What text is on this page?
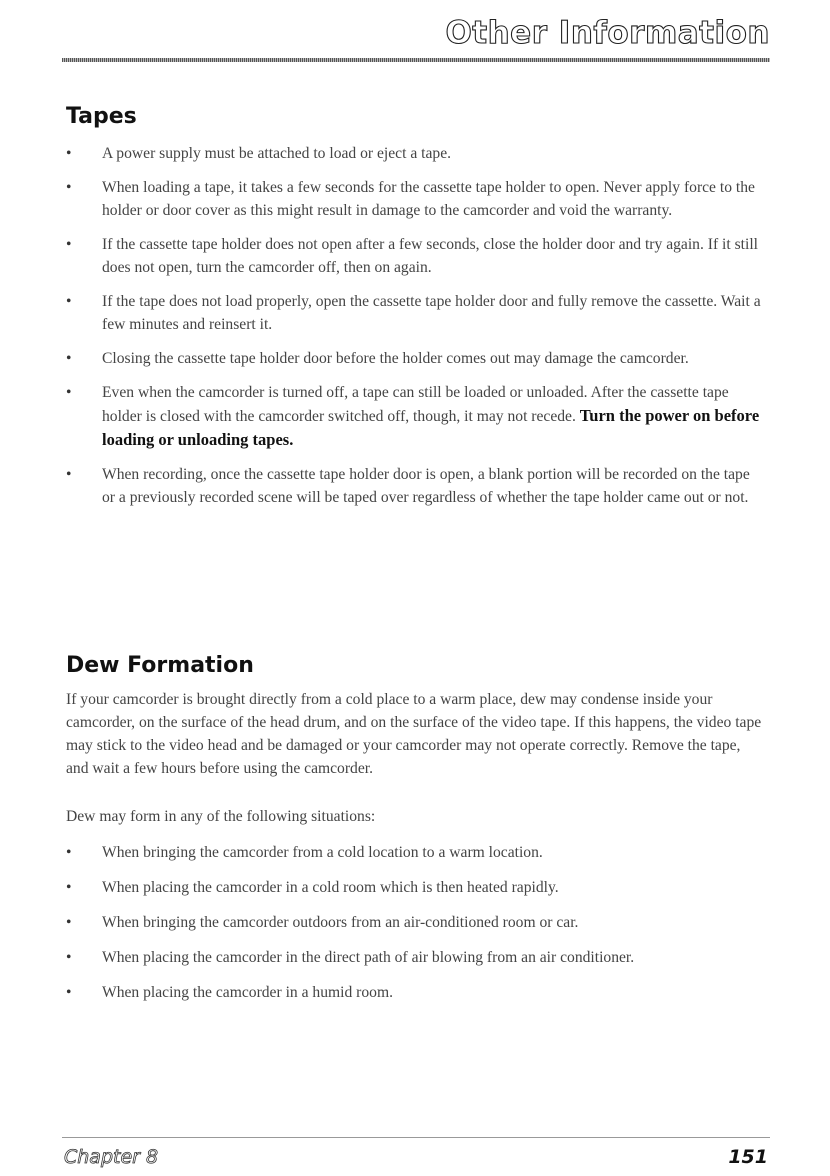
Other Information
Tapes
• A power supply must be attached to load or eject a tape.
• When loading a tape, it takes a few seconds for the cassette tape holder to open. Never apply force to the holder or door cover as this might result in damage to the camcorder and void the warranty.
• If the cassette tape holder does not open after a few seconds, close the holder door and try again. If it still does not open, turn the camcorder off, then on again.
• If the tape does not load properly, open the cassette tape holder door and fully remove the cassette. Wait a few minutes and reinsert it.
• Closing the cassette tape holder door before the holder comes out may damage the camcorder.
• Even when the camcorder is turned off, a tape can still be loaded or unloaded. After the cassette tape holder is closed with the camcorder switched off, though, it may not recede. Turn the power on before loading or unloading tapes.
• When recording, once the cassette tape holder door is open, a blank portion will be recorded on the tape or a previously recorded scene will be taped over regardless of whether the tape holder came out or not.
Dew Formation

If your camcorder is brought directly from a cold place to a warm place, dew may condense inside your camcorder, on the surface of the head drum, and on the surface of the video tape. If this happens, the video tape may stick to the video head and be damaged or your camcorder may not operate correctly. Remove the tape, and wait a few hours before using the camcorder.

Dew may form in any of the following situations:

• When bringing the camcorder from a cold location to a warm location.
• When placing the camcorder in a cold room which is then heated rapidly.
• When bringing the camcorder outdoors from an air-conditioned room or car.
• When placing the camcorder in the direct path of air blowing from an air conditioner.
• When placing the camcorder in a humid room.
Chapter 8	151
